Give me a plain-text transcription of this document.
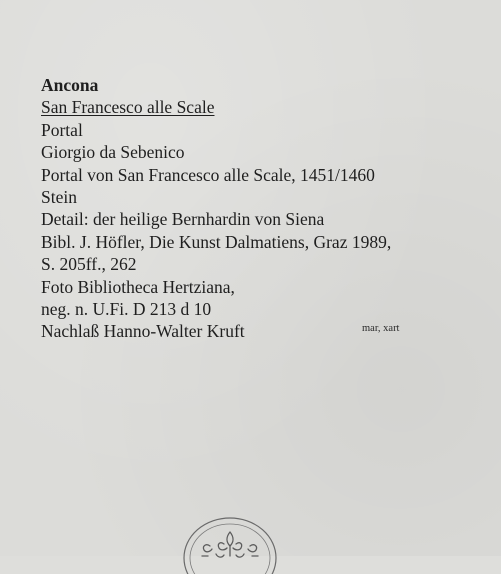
Ancona

San Francesco alle Scale

Portal

Giorgio da Sebenico

Portal von San Francesco alle Scale, 1451/1460

Stein

Detail: der heilige Bernhardin von Siena

Bibl. J. Höfler, Die Kunst Dalmatiens, Graz 1989,

S. 205ff., 262

Foto Bibliotheca Hertziana,

neg. n. U.Fi. D 213 d 10

Nachlaß Hanno-Walter Kruft	mar, xart
